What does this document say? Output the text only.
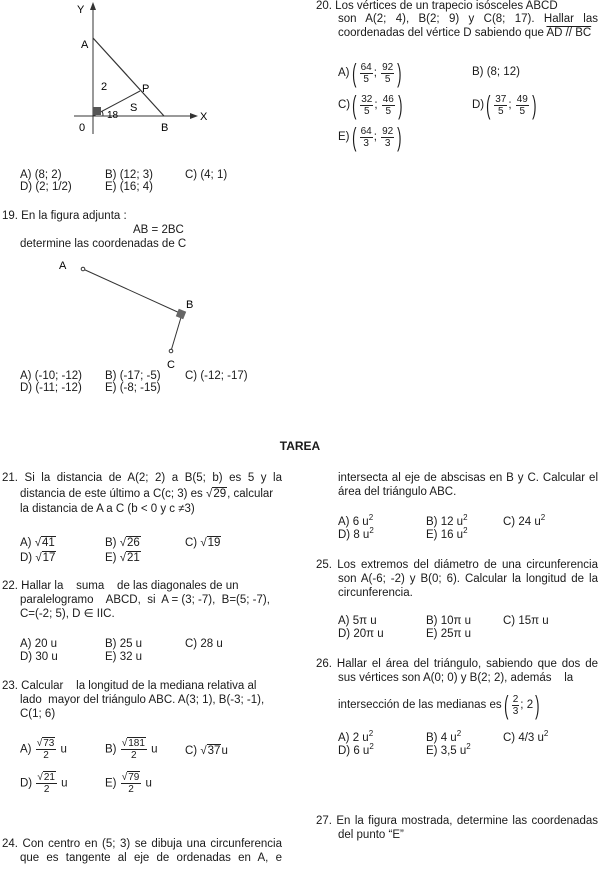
Y
X
A
P
B
0
2
S
18
A) (8; 2)	B) (12; 3)	C) (4; 1)
D) (2; 1/2)	E) (16; 4)
19. En la figura adjunta :
AB = 2BC
determine las coordenadas de C
A
B
C
A) (-10; -12) B) (-17; -5) C) (-12; -17)
D) (-11; -12) E) (-8; -15)
20. Los vértices de un trapecio isósceles ABCD
son A(2; 4), B(2; 9) y C(8; 17). Hallar las
coordenadas del vértice D sabiendo que AD // BC
A) ( $\frac{64}{5}$ ; $\frac{92}{5}$ )	B) (8; 12)
C) ( $\frac{32}{5}$ ; $\frac{46}{5}$ )	D) ( $\frac{37}{5}$ ; $\frac{49}{5}$ )
E) ( $\frac{64}{3}$ ; $\frac{92}{3}$ )
TAREA
21. Si la distancia de A(2; 2) a B(5; b) es 5 y la
distancia de este último a C(c; 3) es √29, calcular
la distancia de A a C (b < 0 y c ≠3)
A) √41	B) √26	C) √19
D) √17	E) √21
22. Hallar la    suma    de las diagonales de un
paralelogramo    ABCD,  si  A = (3; -7),  B=(5; -7),
C=(-2; 5), D ∈ IIC.
A) 20 u	B) 25 u	C) 28 u
D) 30 u	E) 32 u
23. Calcular    la longitud de la mediana relativa al
lado  mayor del triángulo ABC. A(3; 1), B(-3; -1),
C(1; 6)
$A) \frac{√73}{2}$ u	$B) \frac{√181}{2}$ u C) √37u
$D) \frac{√21}{2}$ u	$E) \frac{√79}{2}$ u
24. Con centro en (5; 3) se dibuja una circunferencia
que es tangente al eje de ordenadas en A, e
intersecta al eje de abscisas en B y C. Calcular el
área del triángulo ABC.
A) 6 $u^2$	B) 12 $u^2$	C) 24 $u^2$
D) 8 $u^2$	E) 16 $u^2$
25. Los extremos del diámetro de una circunferencia
son A(-6; -2) y B(0; 6). Calcular la longitud de la
circunferencia.
A) 5π u	B) 10π u	C) 15π u
D) 20π u	E) 25π u
26. Hallar el área del triángulo, sabiendo que dos de
sus vértices son A(0; 0) y B(2; 2), además    la
intersección de las medianas es ( $\frac{2}{3}$ ; 2 )
A) 2 $u^2$	B) 4 $u^2$	C) 4/3 $u^2$
D) 6 $u^2$	E) 3,5 $u^2$
27. En la figura mostrada, determine las coordenadas
del punto “E”
